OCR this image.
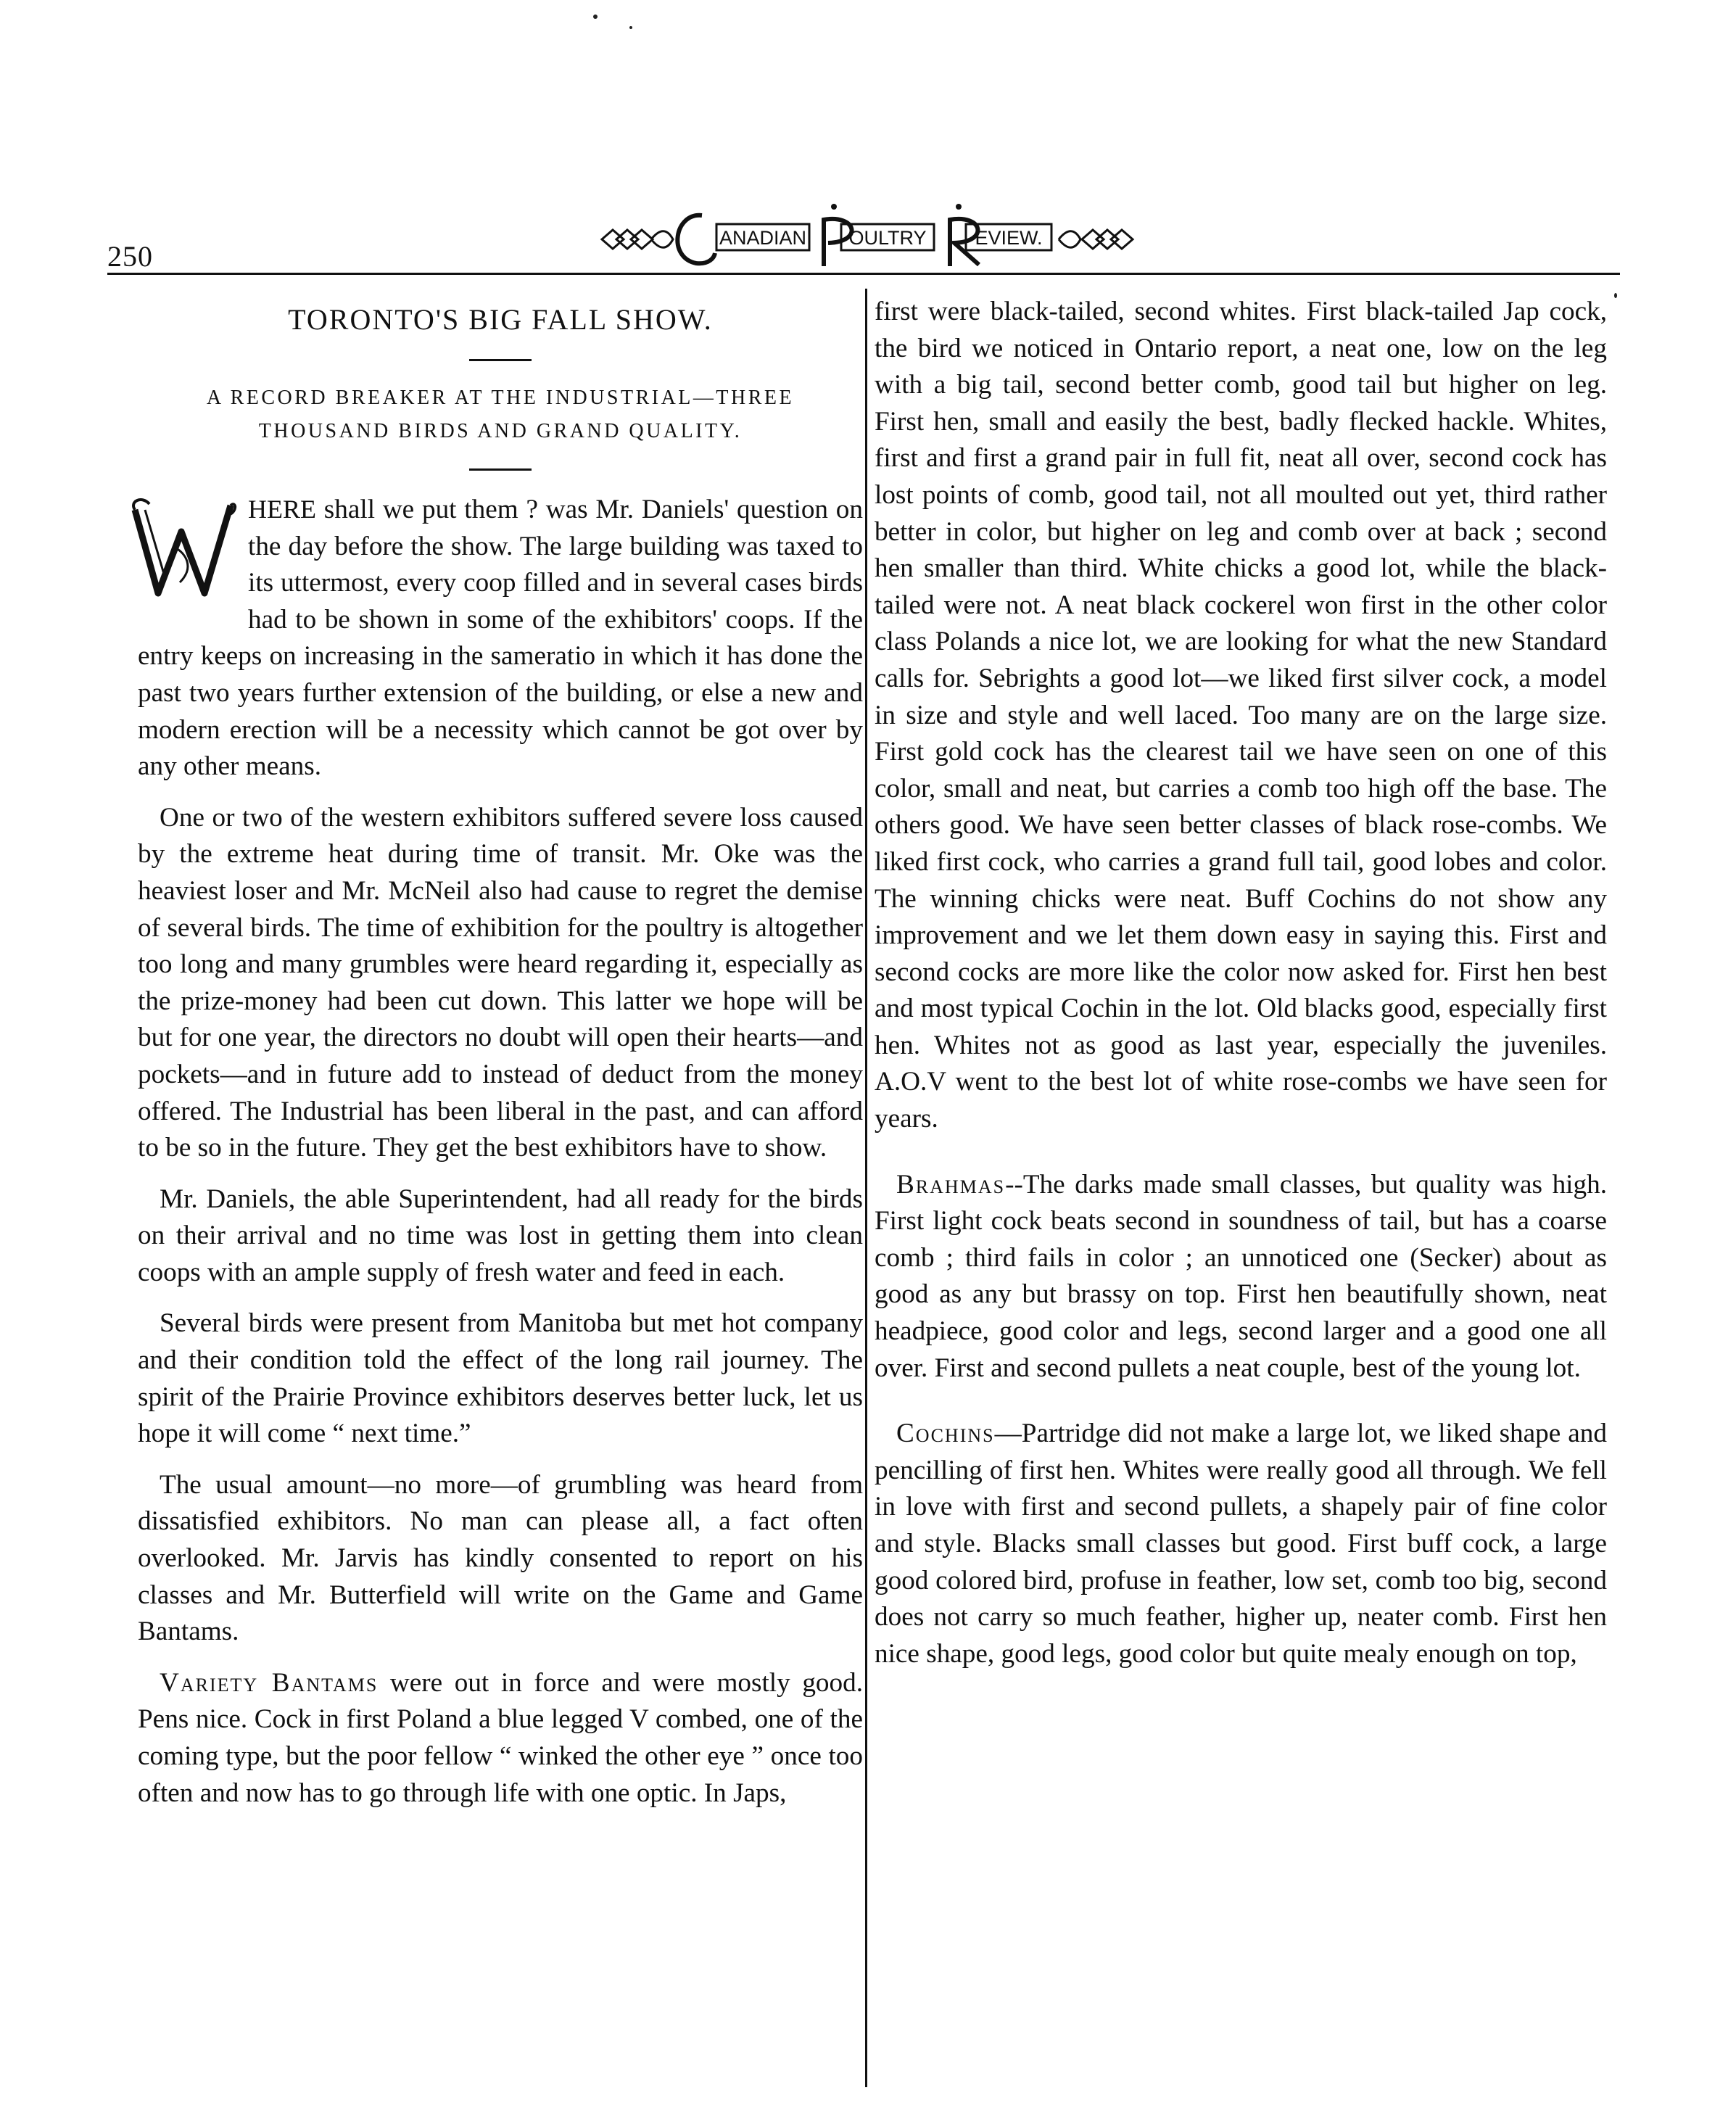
250
ANADIAN OULTRY EVIEW.
TORONTO'S BIG FALL SHOW.

A RECORD BREAKER AT THE INDUSTRIAL—THREE THOUSAND BIRDS AND GRAND QUALITY.

W
HERE shall we put them ? was Mr. Daniels' question on the day before the show. The large building was taxed to its uttermost, every coop filled and in several cases birds had to be shown in some of the exhibitors' coops. If the entry keeps on increasing in the sameratio in which it has done the past two years further extension of the building, or else a new and modern erection will be a necessity which cannot be got over by any other means.

One or two of the western exhibitors suffered severe loss caused by the extreme heat during time of transit. Mr. Oke was the heaviest loser and Mr. McNeil also had cause to regret the demise of several birds. The time of exhibition for the poultry is altogether too long and many grumbles were heard regarding it, especially as the prize-money had been cut down. This latter we hope will be but for one year, the directors no doubt will open their hearts—and pockets—and in future add to instead of deduct from the money offered. The Industrial has been liberal in the past, and can afford to be so in the future. They get the best exhibitors have to show.

Mr. Daniels, the able Superintendent, had all ready for the birds on their arrival and no time was lost in getting them into clean coops with an ample supply of fresh water and feed in each.

Several birds were present from Manitoba but met hot company and their condition told the effect of the long rail journey. The spirit of the Prairie Province exhibitors deserves better luck, let us hope it will come “ next time.”

The usual amount—no more—of grumbling was heard from dissatisfied exhibitors. No man can please all, a fact often overlooked. Mr. Jarvis has kindly consented to report on his classes and Mr. Butterfield will write on the Game and Game Bantams.

Variety Bantams were out in force and were mostly good. Pens nice. Cock in first Poland a blue legged V combed, one of the coming type, but the poor fellow “ winked the other eye ” once too often and now has to go through life with one optic. In Japs,

first were black-tailed, second whites. First black-tailed Jap cock, the bird we noticed in Ontario report, a neat one, low on the leg with a big tail, second better comb, good tail but higher on leg. First hen, small and easily the best, badly flecked hackle. Whites, first and first a grand pair in full fit, neat all over, second cock has lost points of comb, good tail, not all moulted out yet, third rather better in color, but higher on leg and comb over at back ; second hen smaller than third. White chicks a good lot, while the black-tailed were not. A neat black cockerel won first in the other color class Polands a nice lot, we are looking for what the new Standard calls for. Sebrights a good lot—we liked first silver cock, a model in size and style and well laced. Too many are on the large size. First gold cock has the clearest tail we have seen on one of this color, small and neat, but carries a comb too high off the base. The others good. We have seen better classes of black rose-combs. We liked first cock, who carries a grand full tail, good lobes and color. The winning chicks were neat. Buff Cochins do not show any improvement and we let them down easy in saying this. First and second cocks are more like the color now asked for. First hen best and most typical Cochin in the lot. Old blacks good, especially first hen. Whites not as good as last year, especially the juveniles. A.O.V went to the best lot of white rose-combs we have seen for years.

Brahmas--The darks made small classes, but quality was high. First light cock beats second in soundness of tail, but has a coarse comb ; third fails in color ; an unnoticed one (Secker) about as good as any but brassy on top. First hen beautifully shown, neat headpiece, good color and legs, second larger and a good one all over. First and second pullets a neat couple, best of the young lot.

Cochins—Partridge did not make a large lot, we liked shape and pencilling of first hen. Whites were really good all through. We fell in love with first and second pullets, a shapely pair of fine color and style. Blacks small classes but good. First buff cock, a large good colored bird, profuse in feather, low set, comb too big, second does not carry so much feather, higher up, neater comb. First hen nice shape, good legs, good color but quite mealy enough on top,
